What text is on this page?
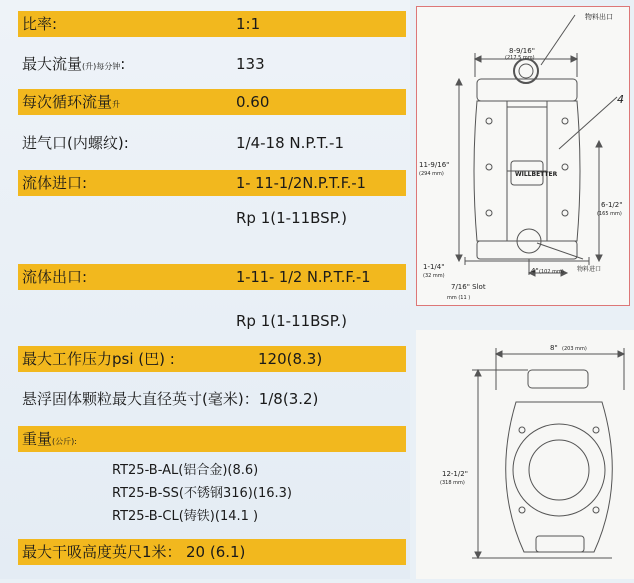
比率:	1:1
最大流量(升)每分钟:	133
每次循环流量升	0.60
进气口(内螺纹):	1/4-18 N.P.T.-1
流体进口:	1- 11-1/2N.P.T.F.-1
Rp 1(1-11BSP.)
流体出口:	1-11- 1/2 N.P.T.F.-1
Rp 1(1-11BSP.)
最大工作压力psi (巴) :	120(8.3)
悬浮固体颗粒最大直径英寸(毫米)：1/8(3.2)
重量(公斤):
RT25-B-AL(铝合金)(8.6)
RT25-B-SS(不锈钢316)(16.3)
RT25-B-CL(铸铁)(14.1 )
最大干吸高度英尺1米： 20 (6.1)
物料出口
8-9/16"
(217.5 mm)
4
11-9/16"
(294 mm)	WILLBETTER
6-1/2"
(165 mm)
1-1/4"
(32 mm)
物料进口
4" (102 mm)
7/16" Slot
mm (11 )
8" (203 mm)
12-1/2"
(318 mm)
